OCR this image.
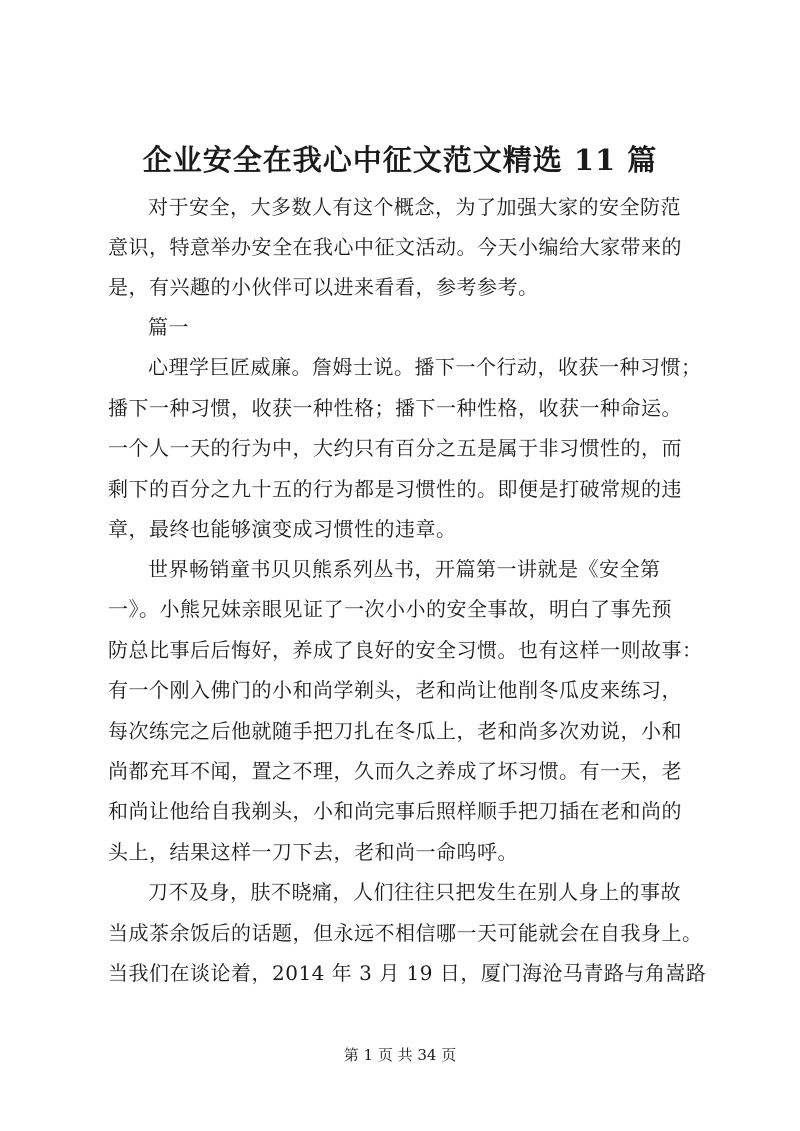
企业安全在我心中征文范文精选 11 篇
对于安全，大多数人有这个概念，为了加强大家的安全防范
意识，特意举办安全在我心中征文活动。今天小编给大家带来的
是，有兴趣的小伙伴可以进来看看，参考参考。
篇一
心理学巨匠威廉。詹姆士说。播下一个行动，收获一种习惯；
播下一种习惯，收获一种性格；播下一种性格，收获一种命运。
一个人一天的行为中，大约只有百分之五是属于非习惯性的，而
剩下的百分之九十五的行为都是习惯性的。即便是打破常规的违
章，最终也能够演变成习惯性的违章。
世界畅销童书贝贝熊系列丛书，开篇第一讲就是《安全第
一》。小熊兄妹亲眼见证了一次小小的安全事故，明白了事先预
防总比事后后悔好，养成了良好的安全习惯。也有这样一则故事：
有一个刚入佛门的小和尚学剃头，老和尚让他削冬瓜皮来练习，
每次练完之后他就随手把刀扎在冬瓜上，老和尚多次劝说，小和
尚都充耳不闻，置之不理，久而久之养成了坏习惯。有一天，老
和尚让他给自我剃头，小和尚完事后照样顺手把刀插在老和尚的
头上，结果这样一刀下去，老和尚一命呜呼。
刀不及身，肤不晓痛，人们往往只把发生在别人身上的事故
当成茶余饭后的话题，但永远不相信哪一天可能就会在自我身上。
当我们在谈论着，2014 年 3 月 19 日，厦门海沧马青路与角嵩路
第 1 页 共 34 页
